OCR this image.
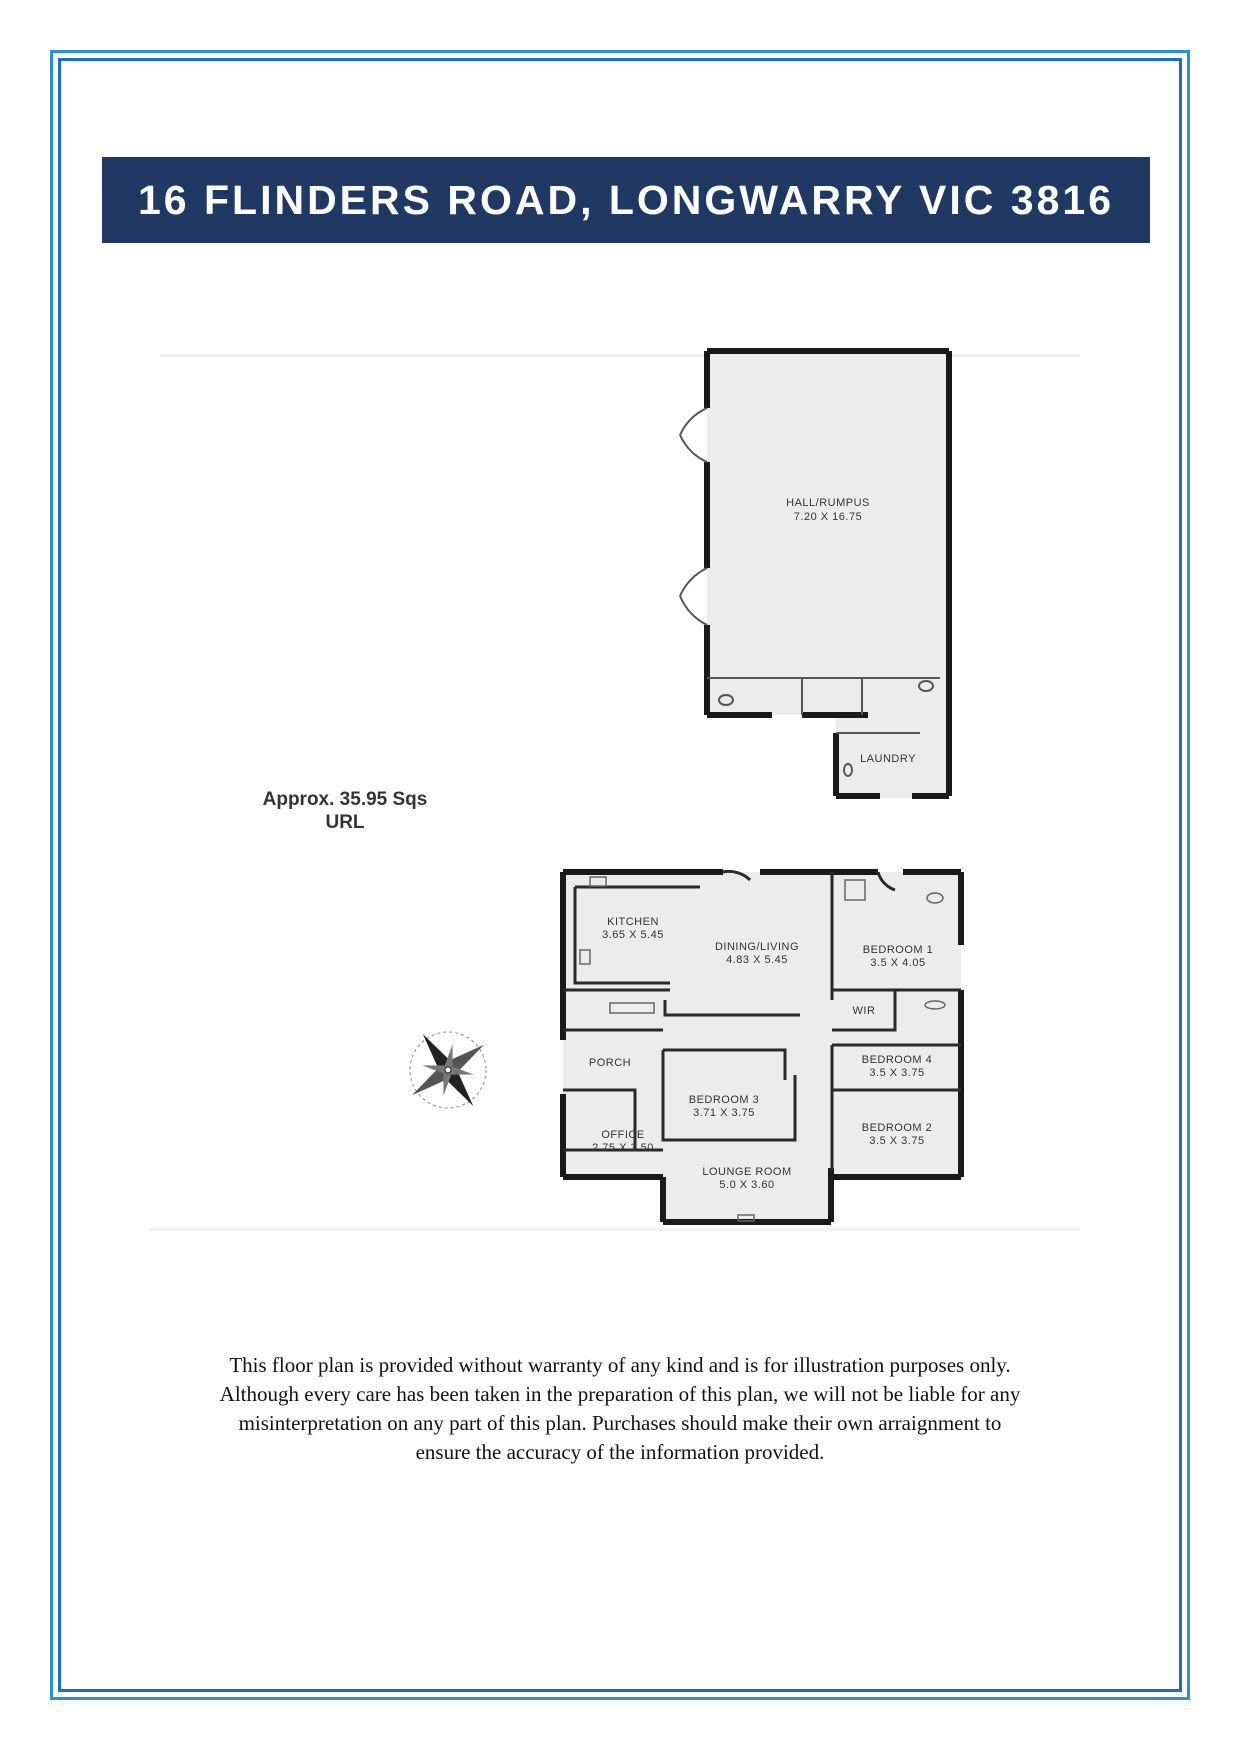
16 FLINDERS ROAD, LONGWARRY VIC 3816
HALL/RUMPUS
7.20 X 16.75
LAUNDRY
KITCHEN
3.65 X 5.45
DINING/LIVING
4.83 X 5.45
BEDROOM 1
3.5 X 4.05
WIR
PORCH
BEDROOM 3
3.71 X 3.75
BEDROOM 4
3.5 X 3.75
BEDROOM 2
3.5 X 3.75
OFFICE
2.75 X 3.50
LOUNGE ROOM
5.0 X 3.60
Approx. 35.95 Sqs
URL
This floor plan is provided without warranty of any kind and is for illustration purposes only.
Although every care has been taken in the preparation of this plan, we will not be liable for any
misinterpretation on any part of this plan. Purchases should make their own arraignment to
ensure the accuracy of the information provided.
